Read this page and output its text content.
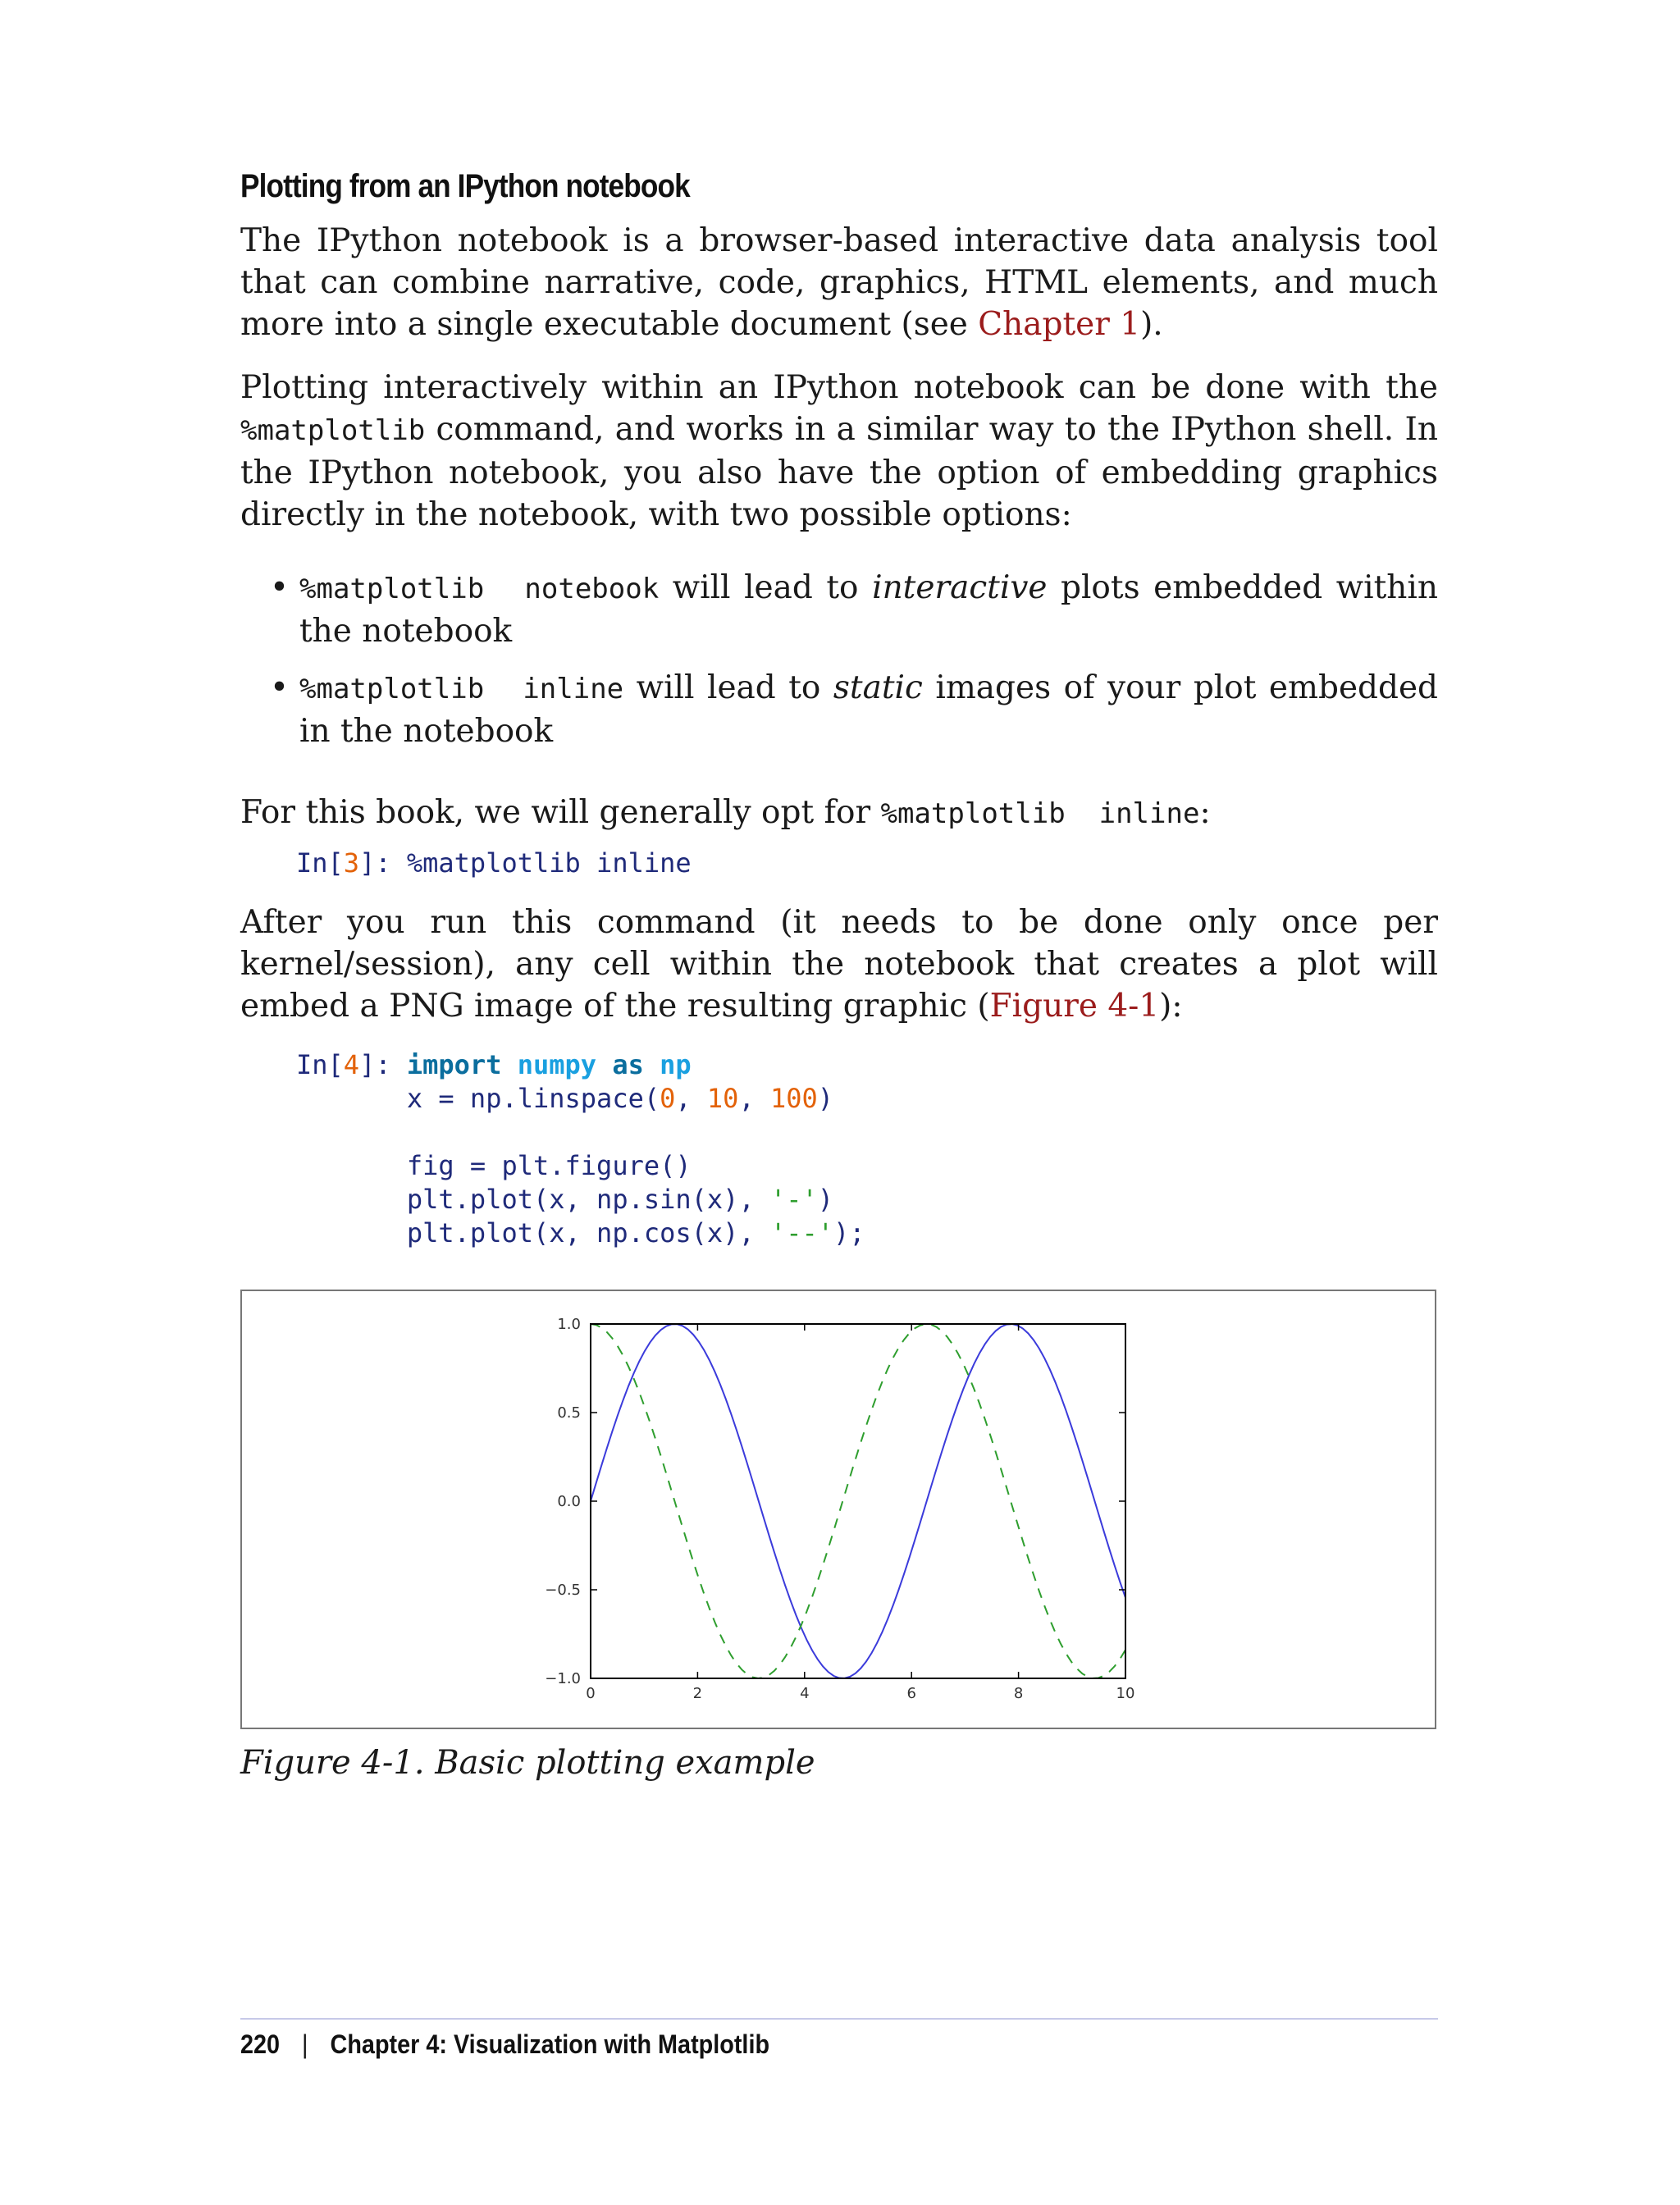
Plotting from an IPython notebook

The IPython notebook is a browser-based interactive data analysis tool that can combine narrative, code, graphics, HTML elements, and much more into a single executable document (see Chapter 1).

Plotting interactively within an IPython notebook can be done with the %matplotlib command, and works in a similar way to the IPython shell. In the IPython notebook, you also have the option of embedding graphics directly in the notebook, with two possible options:

• %matplotlib  notebook will lead to interactive plots embedded within the notebook
• %matplotlib  inline will lead to static images of your plot embedded in the notebook

For this book, we will generally opt for %matplotlib  inline:

In[3]: %matplotlib inline

After you run this command (it needs to be done only once per kernel/session), any cell within the notebook that creates a plot will embed a PNG image of the resulting graphic (Figure 4-1):

In[4]: import numpy as np
x = np.linspace(0, 10, 100)

fig = plt.figure()
plt.plot(x, np.sin(x), '-')
plt.plot(x, np.cos(x), '--');
0	2	4	6	8	10
1.0
0.5
0.0
−0.5
−1.0
Figure 4-1. Basic plotting example
220 | Chapter 4: Visualization with Matplotlib
